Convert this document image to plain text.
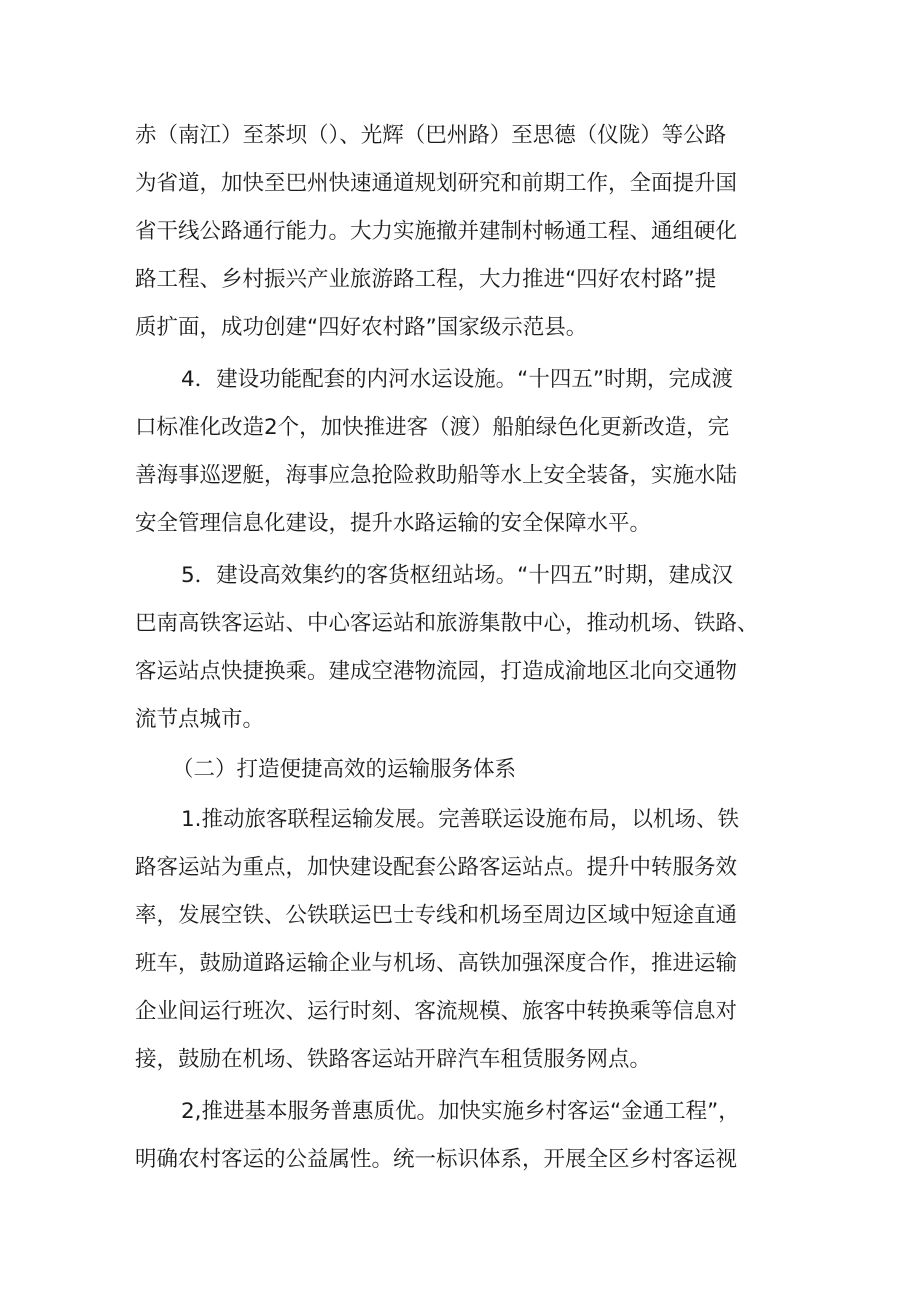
赤（南江）至茶坝（）、光辉（巴州路）至思德（仪陇）等公路
为省道，加快至巴州快速通道规划研究和前期工作，全面提升国
省干线公路通行能力。大力实施撤并建制村畅通工程、通组硬化
路工程、乡村振兴产业旅游路工程，大力推进“四好农村路”提
质扩面，成功创建“四好农村路”国家级示范县。
4．建设功能配套的内河水运设施。“十四五”时期，完成渡
口标准化改造2个，加快推进客（渡）船舶绿色化更新改造，完
善海事巡逻艇，海事应急抢险救助船等水上安全装备，实施水陆
安全管理信息化建设，提升水路运输的安全保障水平。
5．建设高效集约的客货枢纽站场。“十四五”时期，建成汉
巴南高铁客运站、中心客运站和旅游集散中心，推动机场、铁路、
客运站点快捷换乘。建成空港物流园，打造成渝地区北向交通物
流节点城市。
（二）打造便捷高效的运输服务体系
1.推动旅客联程运输发展。完善联运设施布局，以机场、铁
路客运站为重点，加快建设配套公路客运站点。提升中转服务效
率，发展空铁、公铁联运巴士专线和机场至周边区域中短途直通
班车，鼓励道路运输企业与机场、高铁加强深度合作，推进运输
企业间运行班次、运行时刻、客流规模、旅客中转换乘等信息对
接，鼓励在机场、铁路客运站开辟汽车租赁服务网点。
2,推进基本服务普惠质优。加快实施乡村客运“金通工程”，
明确农村客运的公益属性。统一标识体系，开展全区乡村客运视
